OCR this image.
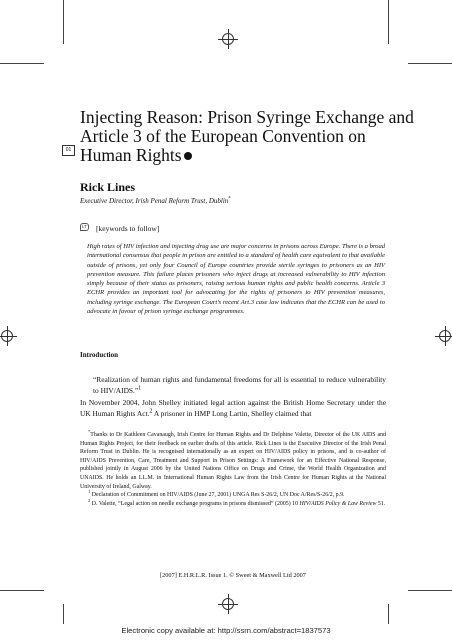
01
Injecting Reason: Prison Syringe Exchange and Article 3 of the European Convention on Human Rights
Rick Lines
Executive Director, Irish Penal Reform Trust, Dublin*
LT [keywords to follow]
High rates of HIV infection and injecting drug use are major concerns in prisons across Europe. There is a broad international consensus that people in prison are entitled to a standard of health care equivalent to that available outside of prisons, yet only four Council of Europe countries provide sterile syringes to prisoners as an HIV prevention measure. This failure places prisoners who inject drugs at increased vulnerability to HIV infection simply because of their status as prisoners, raising serious human rights and public health concerns. Article 3 ECHR provides an important tool for advocating for the rights of prisoners to HIV prevention measures, including syringe exchange. The European Court’s recent Art.3 case law indicates that the ECHR can be used to advocate in favour of prison syringe exchange programmes.
Introduction
“Realization of human rights and fundamental freedoms for all is essential to reduce vulnerability to HIV/AIDS.”$^1$
In November 2004, John Shelley initiated legal action against the British Home Secretary under the UK Human Rights Act.$^2$ A prisoner in HMP Long Lartin, Shelley claimed that

*Thanks to Dr Kathleen Cavanaugh, Irish Centre for Human Rights and Dr Delphine Valette, Director of the UK AIDS and Human Rights Project, for their feedback on earlier drafts of this article. Rick Lines is the Executive Director of the Irish Penal Reform Trust in Dublin. He is recognised internationally as an expert on HIV/AIDS policy in prisons, and is co-author of HIV/AIDS Prevention, Care, Treatment and Support in Prison Settings: A Framework for an Effective National Response, published jointly in August 2006 by the United Nations Office on Drugs and Crime, the World Health Organization and UNAIDS. He holds an LL.M. in International Human Rights Law from the Irish Centre for Human Rights at the National University of Ireland, Galway.

$^1$ Declaration of Commitment on HIV/AIDS (June 27, 2001) UNGA Res S-26/2, UN Doc A/Res/S-26/2, p.9.

$^2$ D. Valette, “Legal action on needle exchange programs in prisons dismissed” (2005) 10 HIV/AIDS Policy & Law Review 51.

[2007] E.H.R.L.R. Issue 1. © Sweet & Maxwell Ltd 2007
Electronic copy available at: http://ssrn.com/abstract=1837573
